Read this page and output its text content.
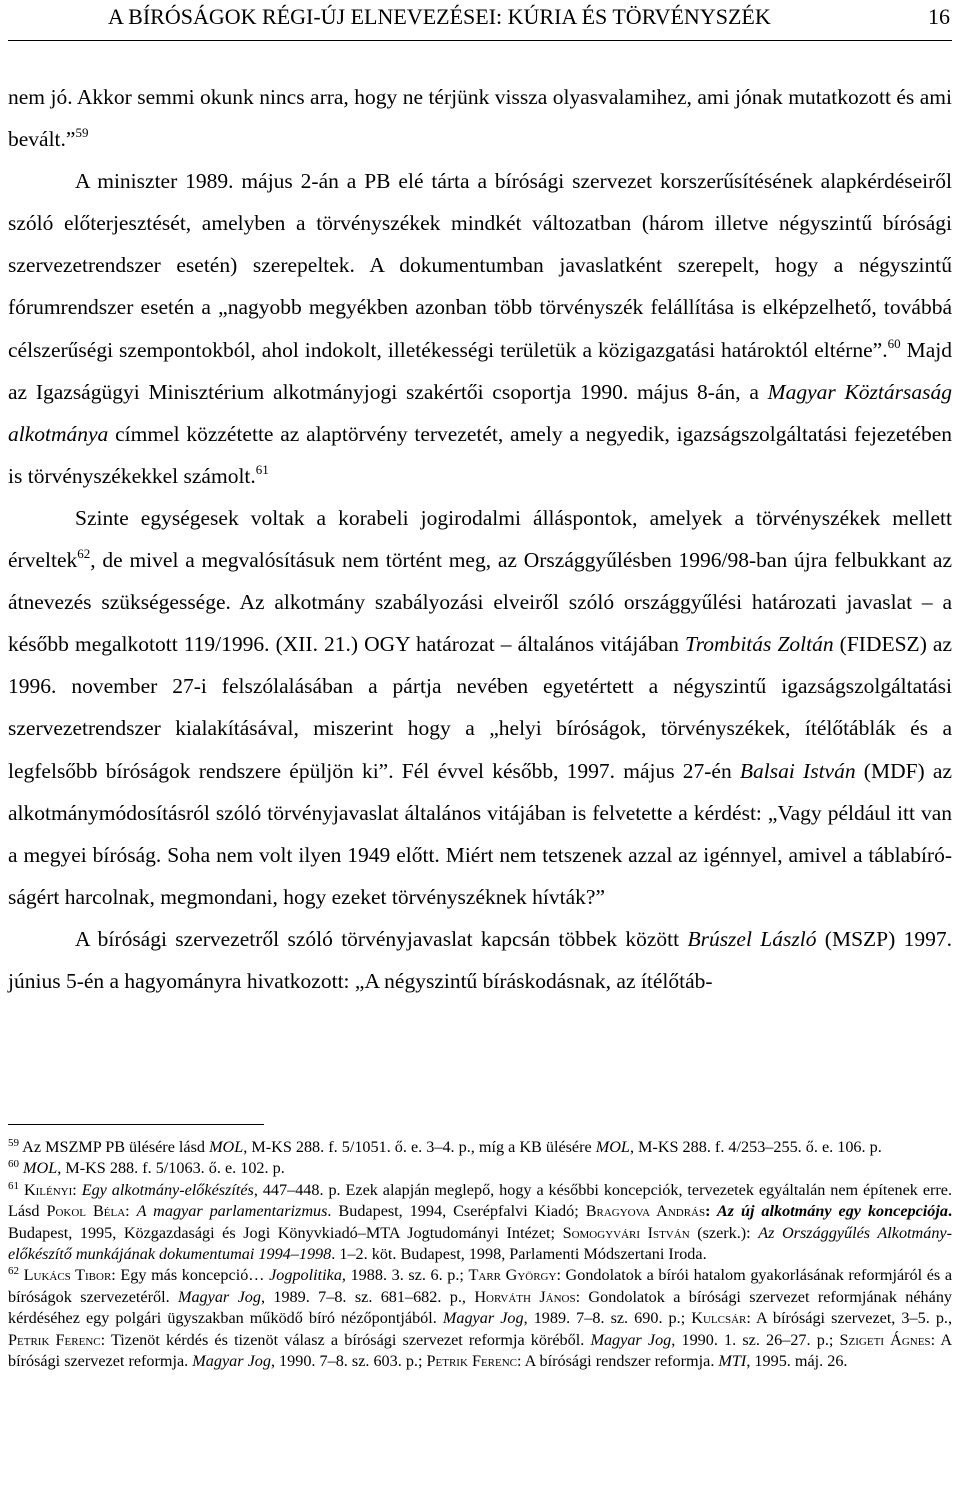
A BÍRÓSÁGOK RÉGI-ÚJ ELNEVEZÉSEI: KÚRIA ÉS TÖRVÉNYSZÉK	16

nem jó. Akkor semmi okunk nincs arra, hogy ne térjünk vissza olyasvalamihez, ami jónak mutatkozott és ami bevált.”$^{59}$

A miniszter 1989. május 2-án a PB elé tárta a bírósági szervezet korszerűsítésének alapkérdéseiről szóló előterjesztését, amelyben a törvényszékek mindkét változatban (három illetve négyszintű bírósági szervezetrendszer esetén) szerepeltek. A dokumentumban javaslatként szerepelt, hogy a négyszintű fórumrendszer esetén a „nagyobb megyékben azonban több törvényszék felállítása is elképzelhető, továbbá célszerűségi szempontokból, ahol indokolt, illetékességi területük a közigazgatási határoktól eltérne”.$^{60}$ Majd az Igazságügyi Minisztérium alkotmányjogi szakértői csoportja 1990. május 8-án, a Magyar Köztársaság alkotmánya címmel közzétette az alaptörvény tervezetét, amely a negyedik, igazságszolgáltatási fejezetében is törvényszékekkel számolt.$^{61}$

Szinte egységesek voltak a korabeli jogirodalmi álláspontok, amelyek a törvényszékek mellett érveltek$^{62}$, de mivel a megvalósításuk nem történt meg, az Országgyűlésben 1996/98-ban újra felbukkant az átnevezés szükségessége. Az alkotmány szabályozási elveiről szóló országgyűlési határozati javaslat – a később megalkotott 119/1996. (XII. 21.) OGY határozat – általános vitájában Trombitás Zoltán (FIDESZ) az 1996. november 27-i felszólalásában a pártja nevében egyetértett a négyszintű igazságszolgáltatási szervezetrendszer kialakításával, miszerint hogy a „helyi bíróságok, törvényszékek, ítélőtáblák és a legfelsőbb bíróságok rendszere épüljön ki”. Fél évvel később, 1997. május 27-én Balsai István (MDF) az alkotmánymódosításról szóló törvényjavaslat általános vitájában is felvetette a kérdést: „Vagy például itt van a megyei bíróság. Soha nem volt ilyen 1949 előtt. Miért nem tetszenek azzal az igénnyel, amivel a táblabíróságért harcolnak, megmondani, hogy ezeket törvényszéknek hívták?”

A bírósági szervezetről szóló törvényjavaslat kapcsán többek között Brúszel László (MSZP) 1997. június 5-én a hagyományra hivatkozott: „A négyszintű bíráskodásnak, az ítélőtáb-

$^{59}$ Az MSZMP PB ülésére lásd MOL, M-KS 288. f. 5/1051. ő. e. 3–4. p., míg a KB ülésére MOL, M-KS 288. f. 4/253–255. ő. e. 106. p.

$^{60}$ MOL, M-KS 288. f. 5/1063. ő. e. 102. p.

$^{61}$ Kilényi: Egy alkotmány-előkészítés, 447–448. p. Ezek alapján meglepő, hogy a későbbi koncepciók, tervezetek egyáltalán nem építenek erre. Lásd Pokol Béla: A magyar parlamentarizmus. Budapest, 1994, Cserépfalvi Kiadó; Bragyova András: Az új alkotmány egy koncepciója. Budapest, 1995, Közgazdasági és Jogi Könyvkiadó–MTA Jogtudományi Intézet; Somogyvári István (szerk.): Az Országgyűlés Alkotmány-előkészítő munkájának dokumentumai 1994–1998. 1–2. köt. Budapest, 1998, Parlamenti Módszertani Iroda.

$^{62}$ Lukács Tibor: Egy más koncepció… Jogpolitika, 1988. 3. sz. 6. p.; Tarr György: Gondolatok a bírói hatalom gyakorlásának reformjáról és a bíróságok szervezetéről. Magyar Jog, 1989. 7–8. sz. 681–682. p., Horváth János: Gondolatok a bírósági szervezet reformjának néhány kérdéséhez egy polgári ügyszakban működő bíró nézőpontjából. Magyar Jog, 1989. 7–8. sz. 690. p.; Kulcsár: A bírósági szervezet, 3–5. p., Petrik Ferenc: Tizenöt kérdés és tizenöt válasz a bírósági szervezet reformja köréből. Magyar Jog, 1990. 1. sz. 26–27. p.; Szigeti Ágnes: A bírósági szervezet reformja. Magyar Jog, 1990. 7–8. sz. 603. p.; Petrik Ferenc: A bírósági rendszer reformja. MTI, 1995. máj. 26.
